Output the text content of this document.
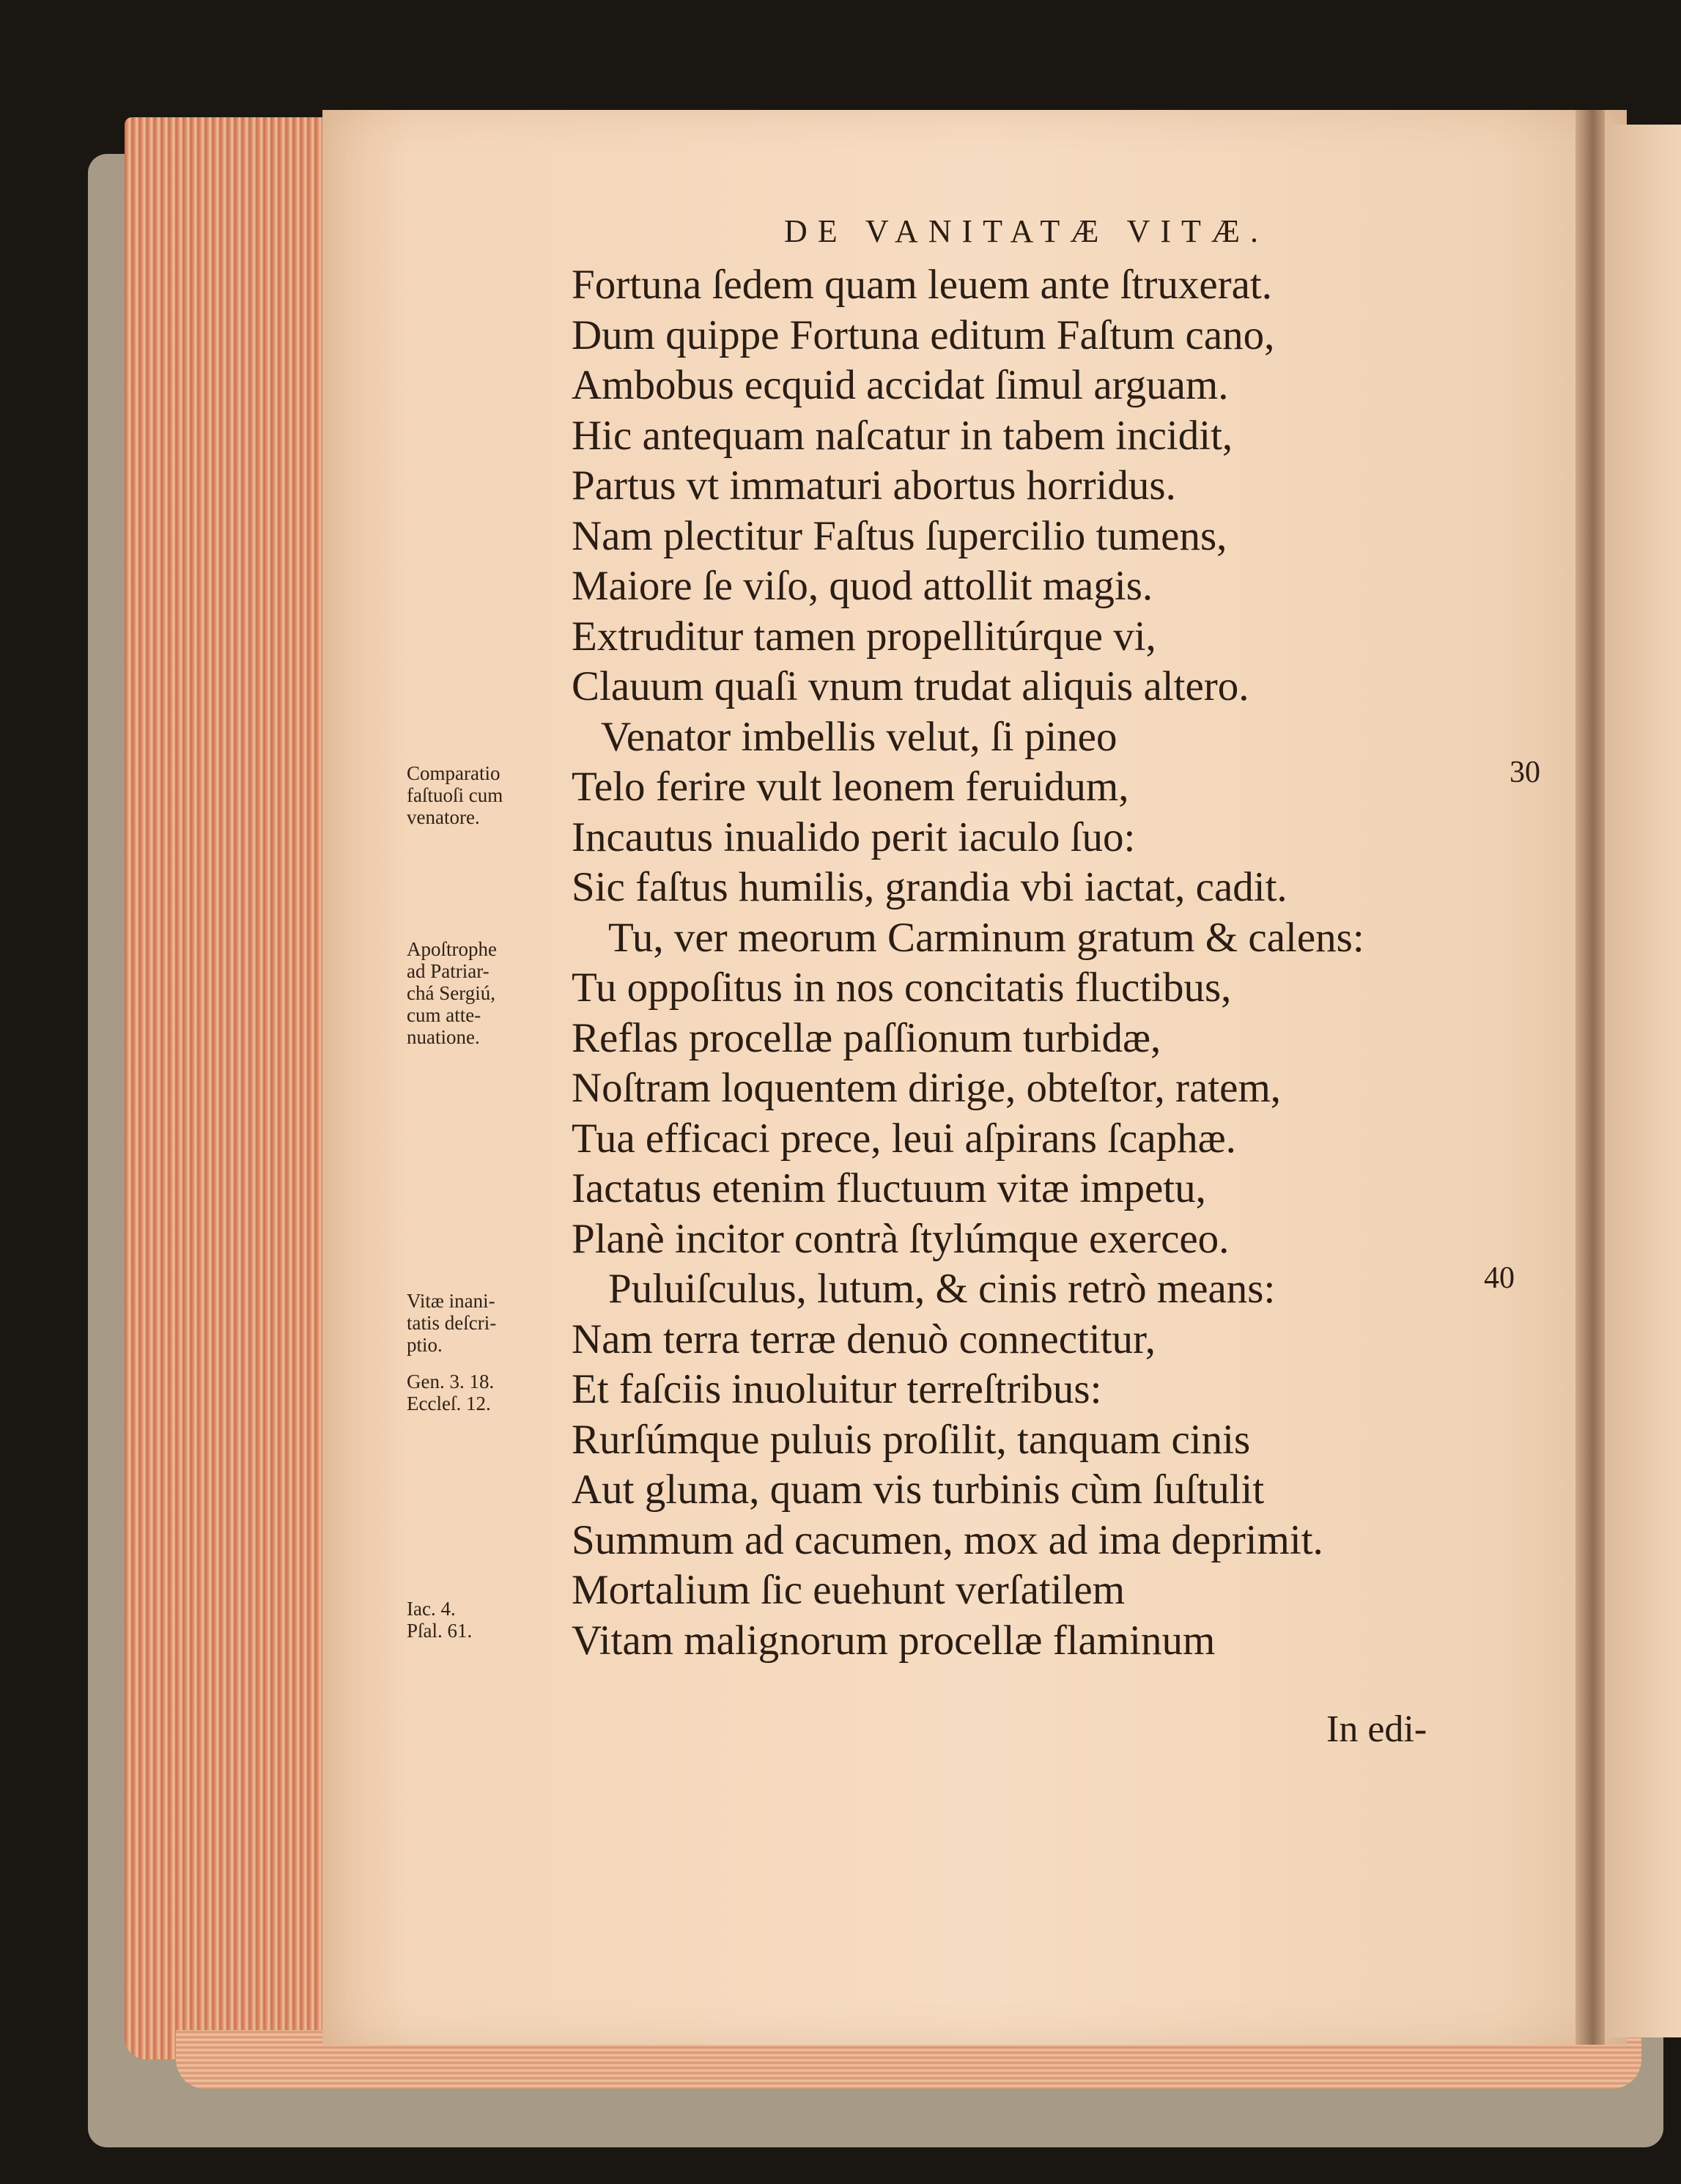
DE VANITATÆ VITÆ.
Fortuna ſedem quam leuem ante ſtruxerat.
Dum quippe Fortuna editum Faſtum cano,
Ambobus ecquid accidat ſimul arguam.
Hic antequam naſcatur in tabem incidit,
Partus vt immaturi abortus horridus.
Nam plectitur Faſtus ſupercilio tumens,
Maiore ſe viſo, quod attollit magis.
Extruditur tamen propellitúrque vi,
Clauum quaſi vnum trudat aliquis altero.
Venator imbellis velut, ſi pineo
Telo ferire vult leonem feruidum,
Incautus inualido perit iaculo ſuo:
Sic faſtus humilis, grandia vbi iactat, cadit.
Tu, ver meorum Carminum gratum & calens:
Tu oppoſitus in nos concitatis fluctibus,
Reflas procellæ paſſionum turbidæ,
Noſtram loquentem dirige, obteſtor, ratem,
Tua efficaci prece, leui aſpirans ſcaphæ.
Iactatus etenim fluctuum vitæ impetu,
Planè incitor contrà ſtylúmque exerceo.
Puluiſculus, lutum, & cinis retrò means:
Nam terra terræ denuò connectitur,
Et faſciis inuoluitur terreſtribus:
Rurſúmque puluis proſilit, tanquam cinis
Aut gluma, quam vis turbinis cùm ſuſtulit
Summum ad cacumen, mox ad ima deprimit.
Mortalium ſic euehunt verſatilem
Vitam malignorum procellæ flaminum
Comparatio
faſtuoſi cum
venatore.
Apoſtrophe
ad Patriar-
chá Sergiú,
cum atte-
nuatione.
Vitæ inani-
tatis deſcri-
ptio.
Gen. 3. 18.
Eccleſ. 12.
Iac. 4.
Pſal. 61.
30
40
In edi-
